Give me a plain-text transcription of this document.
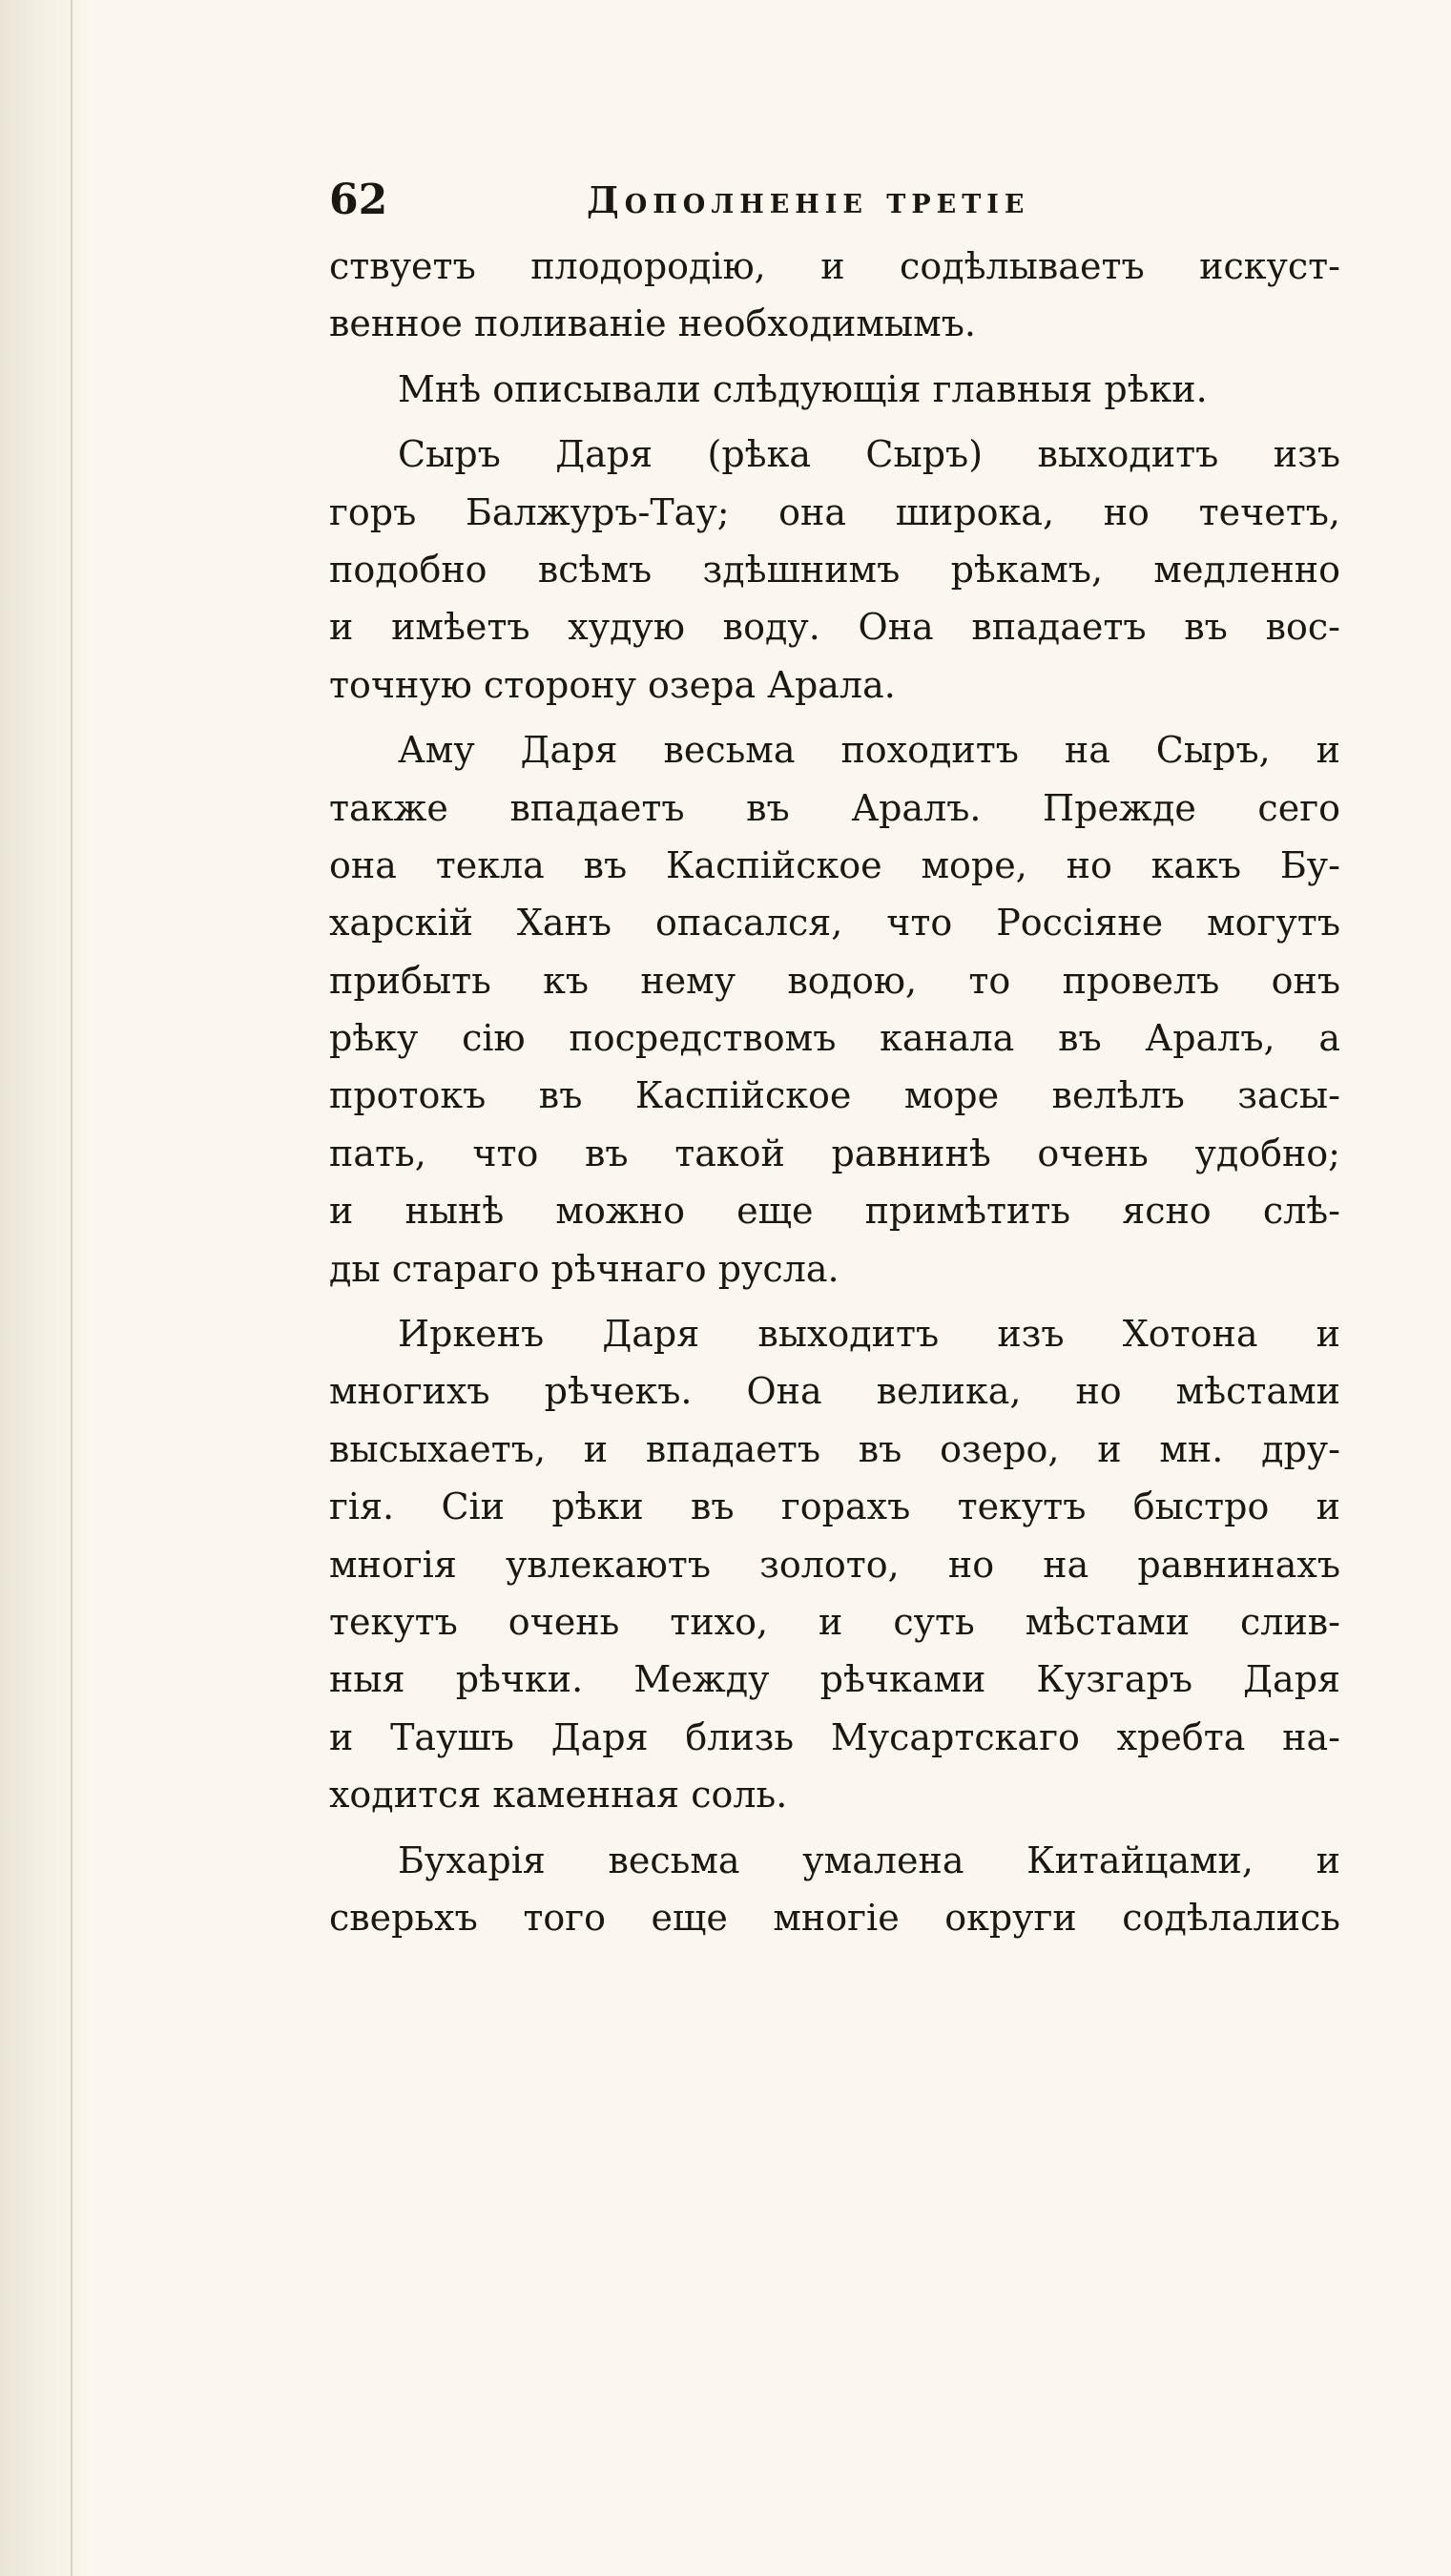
62	Дополненiе третiе
ствуетъ плодородiю, и содѣлываетъ искуст-
венное поливанiе необходимымъ.
Мнѣ описывали слѣдующiя главныя рѣки.
Сыръ Даря (рѣка Сыръ) выходитъ изъ
горъ Балжуръ-Тау; она широка, но течетъ,
подобно всѣмъ здѣшнимъ рѣкамъ, медленно
и имѣетъ худую воду. Она впадаетъ въ вос-
точную сторону озера Арала.
Аму Даря весьма походитъ на Сыръ, и
также впадаетъ въ Аралъ. Прежде сего
она текла въ Каспiйское море, но какъ Бу-
харскiй Ханъ опасался, что Россiяне могутъ
прибыть къ нему водою, то провелъ онъ
рѣку сiю посредствомъ канала въ Аралъ, а
протокъ въ Каспiйское море велѣлъ засы-
пать, что въ такой равнинѣ очень удобно;
и нынѣ можно еще примѣтить ясно слѣ-
ды стараго рѣчнаго русла.
Иркенъ Даря выходитъ изъ Хотона и
многихъ рѣчекъ. Она велика, но мѣстами
высыхаетъ, и впадаетъ въ озеро, и мн. дру-
гiя. Сiи рѣки въ горахъ текутъ быстро и
многiя увлекаютъ золото, но на равнинахъ
текутъ очень тихо, и суть мѣстами слив-
ныя рѣчки. Между рѣчками Кузгаръ Даря
и Таушъ Даря близь Мусартскаго хребта на-
ходится каменная соль.
Бухарiя весьма умалена Китайцами, и
сверьхъ того еще многiе округи содѣлались
